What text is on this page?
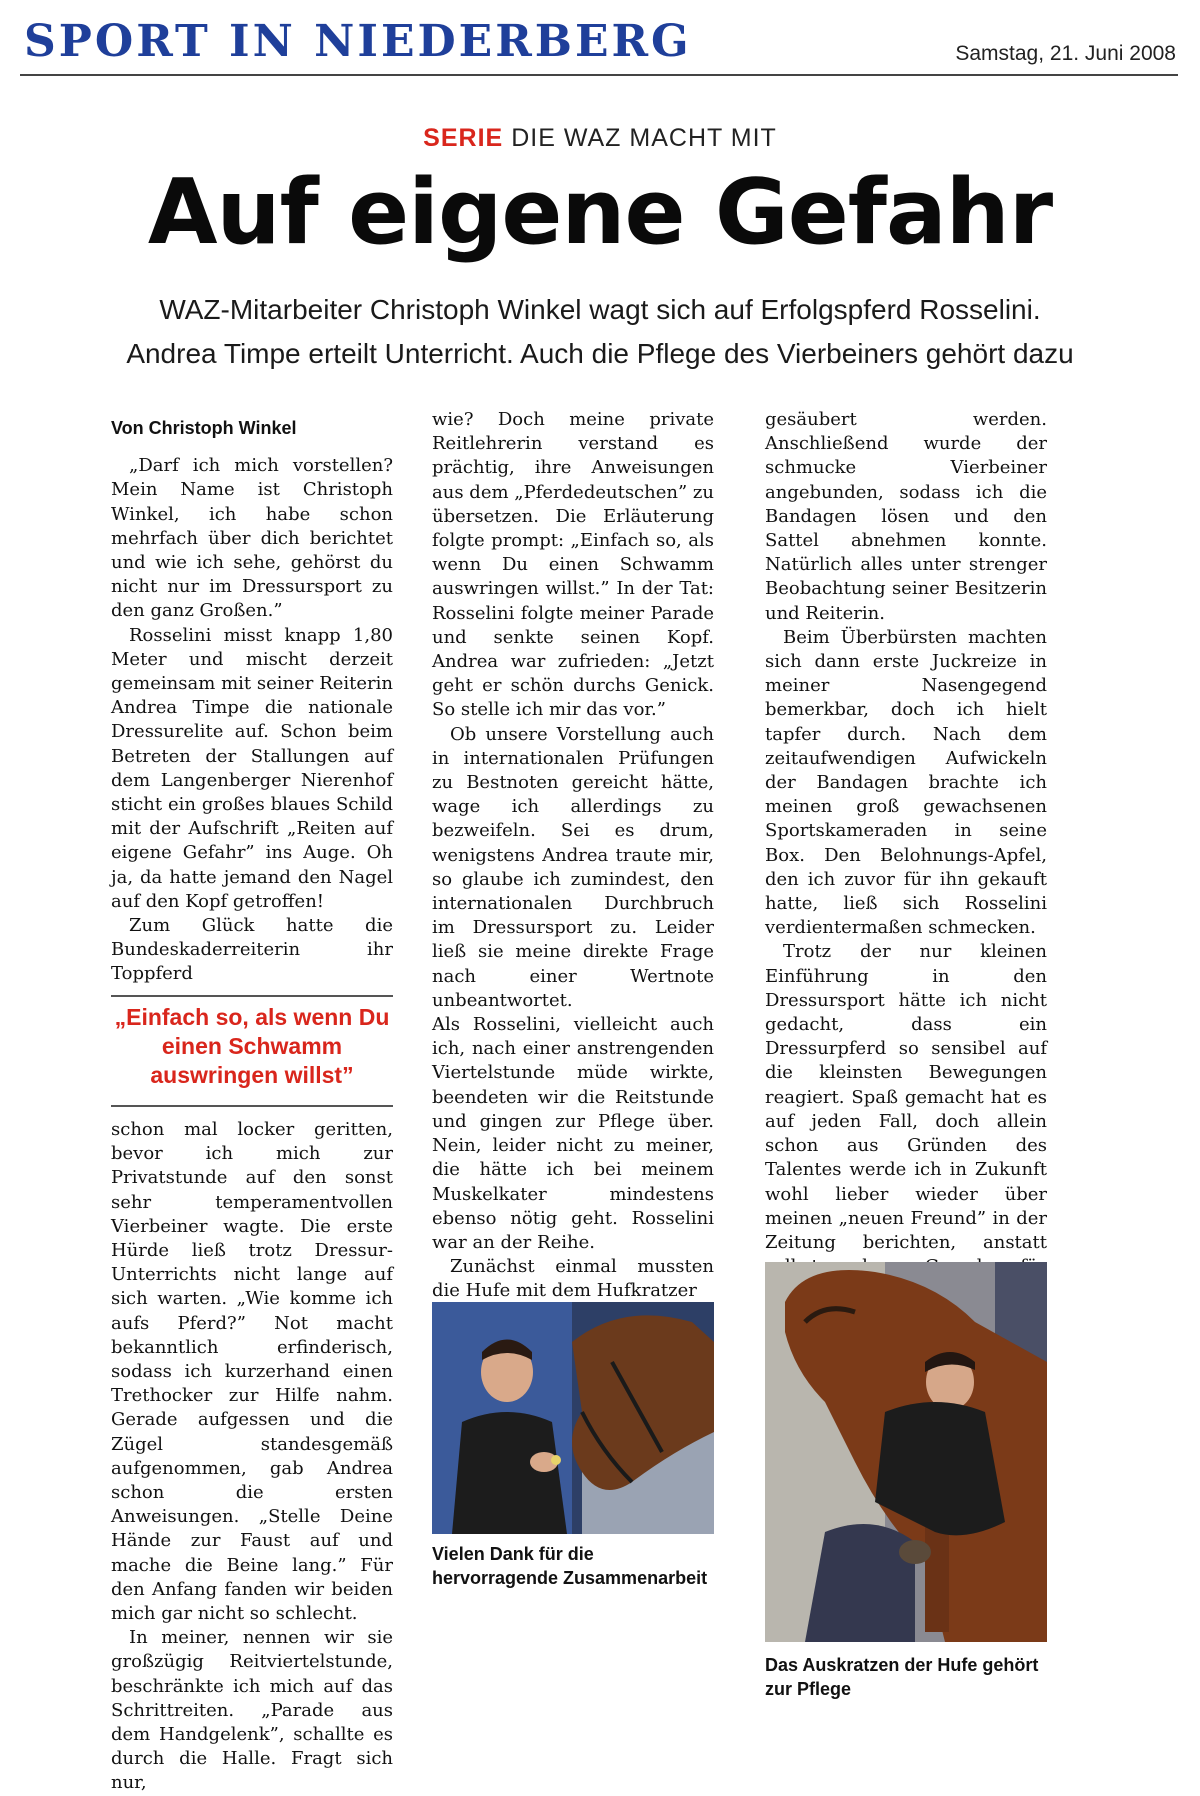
SPORT IN NIEDERBERG	Samstag, 21. Juni 2008
SERIE DIE WAZ MACHT MIT
Auf eigene Gefahr
WAZ-Mitarbeiter Christoph Winkel wagt sich auf Erfolgspferd Rosselini.
Andrea Timpe erteilt Unterricht. Auch die Pflege des Vierbeiners gehört dazu
Von Christoph Winkel

„Darf ich mich vorstellen? Mein Name ist Christoph Winkel, ich habe schon mehrfach über dich berichtet und wie ich sehe, gehörst du nicht nur im Dressursport zu den ganz Großen.”

Rosselini misst knapp 1,80 Meter und mischt derzeit gemeinsam mit seiner Reiterin Andrea Timpe die nationale Dressurelite auf. Schon beim Betreten der Stallungen auf dem Langenberger Nierenhof sticht ein großes blaues Schild mit der Aufschrift „Reiten auf eigene Gefahr” ins Auge. Oh ja, da hatte jemand den Nagel auf den Kopf getroffen!

Zum Glück hatte die Bundeskaderreiterin ihr Toppferd

„Einfach so, als wenn Du einen Schwamm auswringen willst”

schon mal locker geritten, bevor ich mich zur Privatstunde auf den sonst sehr temperamentvollen Vierbeiner wagte. Die erste Hürde ließ trotz Dressur-Unterrichts nicht lange auf sich warten. „Wie komme ich aufs Pferd?” Not macht bekanntlich erfinderisch, sodass ich kurzerhand einen Trethocker zur Hilfe nahm. Gerade aufgessen und die Zügel standesgemäß aufgenommen, gab Andrea schon die ersten Anweisungen. „Stelle Deine Hände zur Faust auf und mache die Beine lang.” Für den Anfang fanden wir beiden mich gar nicht so schlecht.

In meiner, nennen wir sie großzügig Reitviertelstunde, beschränkte ich mich auf das Schrittreiten. „Parade aus dem Handgelenk”, schallte es durch die Halle. Fragt sich nur,

wie? Doch meine private Reitlehrerin verstand es prächtig, ihre Anweisungen aus dem „Pferdedeutschen” zu übersetzen. Die Erläuterung folgte prompt: „Einfach so, als wenn Du einen Schwamm auswringen willst.” In der Tat: Rosselini folgte meiner Parade und senkte seinen Kopf. Andrea war zufrieden: „Jetzt geht er schön durchs Genick. So stelle ich mir das vor.”

Ob unsere Vorstellung auch in internationalen Prüfungen zu Bestnoten gereicht hätte, wage ich allerdings zu bezweifeln. Sei es drum, wenigstens Andrea traute mir, so glaube ich zumindest, den internationalen Durchbruch im Dressursport zu. Leider ließ sie meine direkte Frage nach einer Wertnote unbeantwortet.

Als Rosselini, vielleicht auch ich, nach einer anstrengenden Viertelstunde müde wirkte, beendeten wir die Reitstunde und gingen zur Pflege über. Nein, leider nicht zu meiner, die hätte ich bei meinem Muskelkater mindestens ebenso nötig geht. Rosselini war an der Reihe.

Zunächst einmal mussten die Hufe mit dem Hufkratzer

Vielen Dank für die hervorragende Zusammenarbeit

gesäubert werden. Anschließend wurde der schmucke Vierbeiner angebunden, sodass ich die Bandagen lösen und den Sattel abnehmen konnte. Natürlich alles unter strenger Beobachtung seiner Besitzerin und Reiterin.

Beim Überbürsten machten sich dann erste Juckreize in meiner Nasengegend bemerkbar, doch ich hielt tapfer durch. Nach dem zeitaufwendigen Aufwickeln der Bandagen brachte ich meinen groß gewachsenen Sportskameraden in seine Box. Den Belohnungs-Apfel, den ich zuvor für ihn gekauft hatte, ließ sich Rosselini verdientermaßen schmecken.

Trotz der nur kleinen Einführung in den Dressursport hätte ich nicht gedacht, dass ein Dressurpferd so sensibel auf die kleinsten Bewegungen reagiert. Spaß gemacht hat es auf jeden Fall, doch allein schon aus Gründen des Talentes werde ich in Zukunft wohl lieber wieder über meinen „neuen Freund” in der Zeitung berichten, anstatt

Das Auskratzen der Hufe gehört zur Pflege
